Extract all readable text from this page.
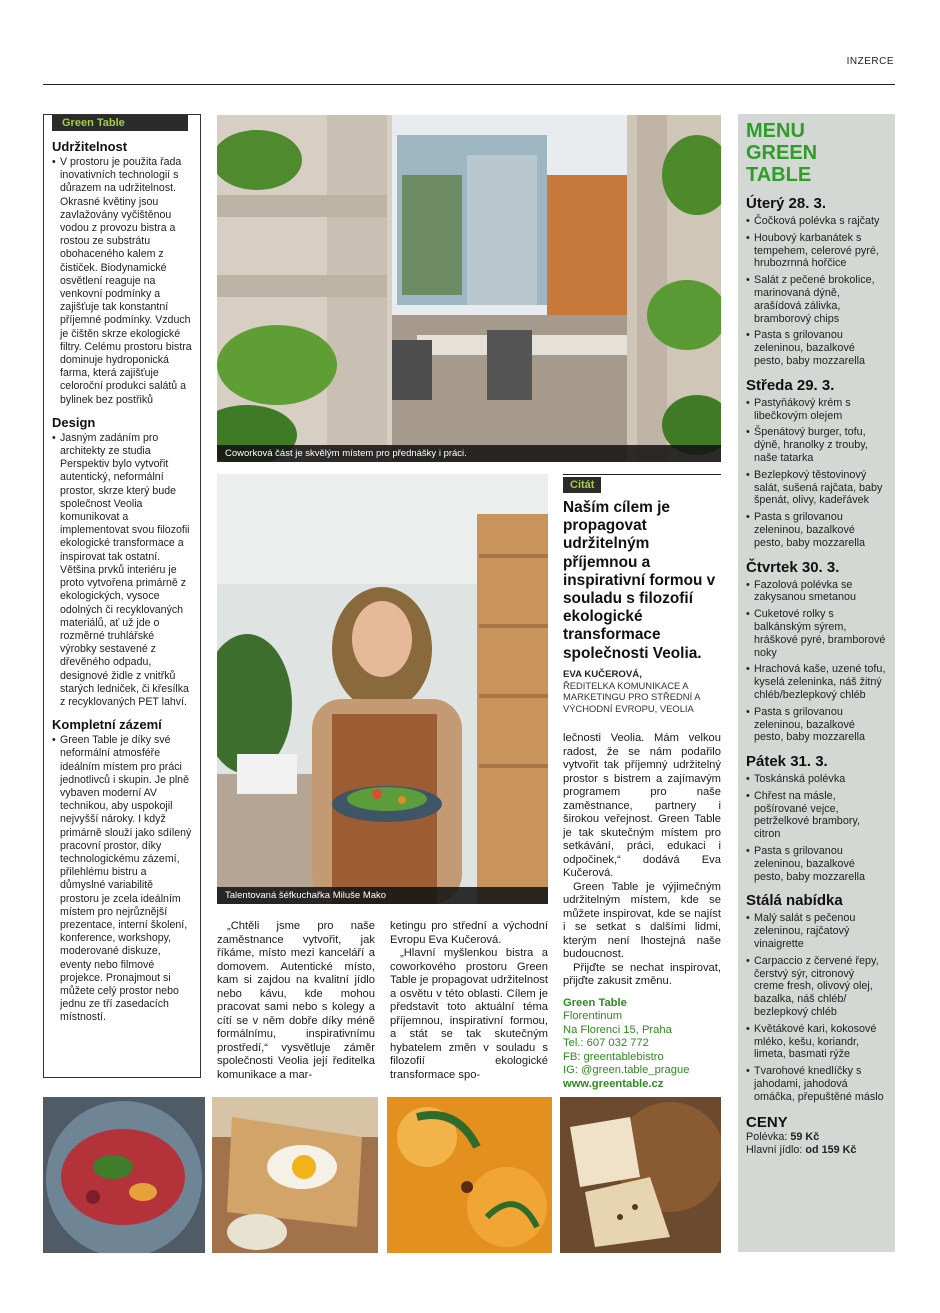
INZERCE
Green Table
Udržitelnost

• V prostoru je použita řada inovativních technologií s důrazem na udržitelnost. Okrasné květiny jsou zavlažovány vyčištěnou vodou z provozu bistra a rostou ze substrátu obohaceného kalem z čističek. Biodynamické osvětlení reaguje na venkovní podmínky a zajišťuje tak konstantní příjemné podmínky. Vzduch je čištěn skrze ekologické filtry. Celému prostoru bistra dominuje hydroponická farma, která zajišťuje celoroční produkci salátů a bylinek bez postřiků

Design

• Jasným zadáním pro architekty ze studia Perspektiv bylo vytvořit autentický, neformální prostor, skrze který bude společnost Veolia komunikovat a implementovat svou filozofii ekologické transformace a inspirovat tak ostatní. Většina prvků interiéru je proto vytvořena primárně z ekologických, vysoce odolných či recyklovaných materiálů, ať už jde o rozměrné truhlářské výrobky sestavené z dřevěného odpadu, designové židle z vnitřků starých ledniček, či křesílka z recyklovaných PET lahví.

Kompletní zázemí

• Green Table je díky své neformální atmosféře ideálním místem pro práci jednotlivců i skupin. Je plně vybaven moderní AV technikou, aby uspokojil nejvyšší nároky. I když primárně slouží jako sdílený pracovní prostor, díky technologickému zázemí, přilehlému bistru a důmyslné variabilitě prostoru je zcela ideálním místem pro nejrůznější prezentace, interní školení, konference, workshopy, moderované diskuze, eventy nebo filmové projekce. Pronajmout si můžete celý prostor nebo jednu ze tří zasedacích místností.

Coworková část je skvělým místem pro přednášky i práci.
Talentovaná šéfkuchařka Miluše Mako
Citát
Naším cílem je propagovat udržitelným příjemnou a inspirativní formou v souladu s filozofií ekologické transformace společnosti Veolia.
EVA KUČEROVÁ,
ŘEDITELKA KOMUNIKACE A MARKETINGU PRO STŘEDNÍ A VÝCHODNÍ EVROPU, VEOLIA

„Chtěli jsme pro naše zaměstnance vytvořit, jak říkáme, místo mezi kanceláří a domovem. Autentické místo, kam si zajdou na kvalitní jídlo nebo kávu, kde mohou pracovat sami nebo s kolegy a cítí se v něm dobře díky méně formálnímu, inspirativnímu prostředí,“ vysvětluje záměr společnosti Veolia její ředitelka komunikace a mar-

ketingu pro střední a východní Evropu Eva Kučerová.

„Hlavní myšlenkou bistra a coworkového prostoru Green Table je propagovat udržitelnost a osvětu v této oblasti. Cílem je představit toto aktuální téma příjemnou, inspirativní formou, a stát se tak skutečným hybatelem změn v souladu s filozofií ekologické transformace spo-

lečnosti Veolia. Mám velkou radost, že se nám podařilo vytvořit tak příjemný udržitelný prostor s bistrem a zajímavým programem pro naše zaměstnance, partnery i širokou veřejnost. Green Table je tak skutečným místem pro setkávání, práci, edukaci i odpočinek,“ dodává Eva Kučerová.

Green Table je výjimečným udržitelným místem, kde se můžete inspirovat, kde se najíst i se setkat s dalšími lidmi, kterým není lhostejná naše budoucnost.

Přijďte se nechat inspirovat, přijďte zakusit změnu.

Green Table
Florentinum
Na Florenci 15, Praha
Tel.: 607 032 772
FB: greentablebistro
IG: @green.table_prague
www.greentable.cz
MENU
GREEN TABLE
Úterý 28. 3.
• Čočková polévka s rajčaty
• Houbový karbanátek s tempehem, celerové pyré, hrubozrnná hořčice
• Salát z pečené brokolice, marinovaná dýně, arašídová zálivka, bramborový chips
• Pasta s grilovanou zeleninou, bazalkové pesto, baby mozzarella
Středa 29. 3.
• Pastyňákový krém s libečkovým olejem
• Špenátový burger, tofu, dýně, hranolky z trouby, naše tatarka
• Bezlepkový těstovinový salát, sušená rajčata, baby špenát, olivy, kadeřávek
• Pasta s grilovanou zeleninou, bazalkové pesto, baby mozzarella
Čtvrtek 30. 3.
• Fazolová polévka se zakysanou smetanou
• Cuketové rolky s balkánským sýrem, hráškové pyré, bramborové noky
• Hrachová kaše, uzené tofu, kyselá zeleninka, náš žitný chléb/bezlepkový chléb
• Pasta s grilovanou zeleninou, bazalkové pesto, baby mozzarella
Pátek 31. 3.
• Toskánská polévka
• Chřest na másle, pošírované vejce, petrželkové brambory, citron
• Pasta s grilovanou zeleninou, bazalkové pesto, baby mozzarella
Stálá nabídka
• Malý salát s pečenou zeleninou, rajčatový vinaigrette
• Carpaccio z červené řepy, čerstvý sýr, citronový creme fresh, olivový olej, bazalka, náš chléb/ bezlepkový chléb
• Květákové kari, kokosové mléko, kešu, koriandr, limeta, basmati rýže
• Tvarohové knedlíčky s jahodami, jahodová omáčka, přepuštěné máslo
CENY
Polévka: 59 Kč
Hlavní jídlo: od 159 Kč
